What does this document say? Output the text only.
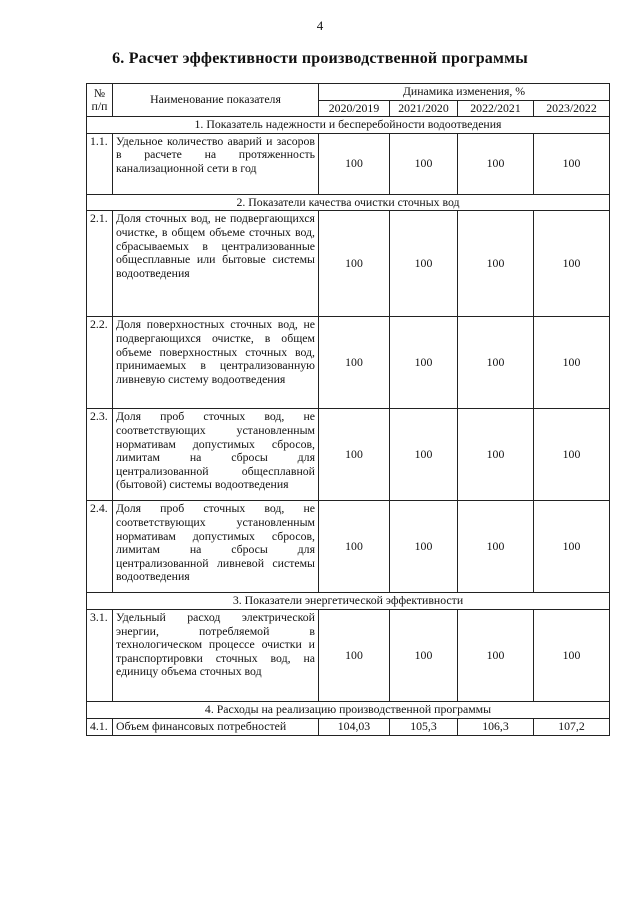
4
6. Расчет эффективности производственной программы
№ п/п	Наименование показателя	Динамика изменения, %			
		2020/2019	2021/2020	2022/2021	2023/2022
1. Показатель надежности и бесперебойности водоотведения					
1.1.	Удельное количество аварий и засоров в расчете на протяженность канализационной сети в год	100	100	100	100
2. Показатели качества очистки сточных вод					
2.1.	Доля сточных вод, не подвергающихся очистке, в общем объеме сточных вод, сбрасываемых в централизованные общесплавные или бытовые системы водоотведения	100	100	100	100
2.2.	Доля поверхностных сточных вод, не подвергающихся очистке, в общем объеме поверхностных сточных вод, принимаемых в централизованную ливневую систему водоотведения	100	100	100	100
2.3.	Доля проб сточных вод, не соответствующих установленным нормативам допустимых сбросов, лимитам на сбросы для централизованной общесплавной (бытовой) системы водоотведения	100	100	100	100
2.4.	Доля проб сточных вод, не соответствующих установленным нормативам допустимых сбросов, лимитам на сбросы для централизованной ливневой системы водоотведения	100	100	100	100
3. Показатели энергетической эффективности					
3.1.	Удельный расход электрической энергии, потребляемой в технологическом процессе очистки и транспортировки сточных вод, на единицу объема сточных вод	100	100	100	100
4. Расходы на реализацию производственной программы					
4.1.	Объем финансовых потребностей	104,03	105,3	106,3	107,2
